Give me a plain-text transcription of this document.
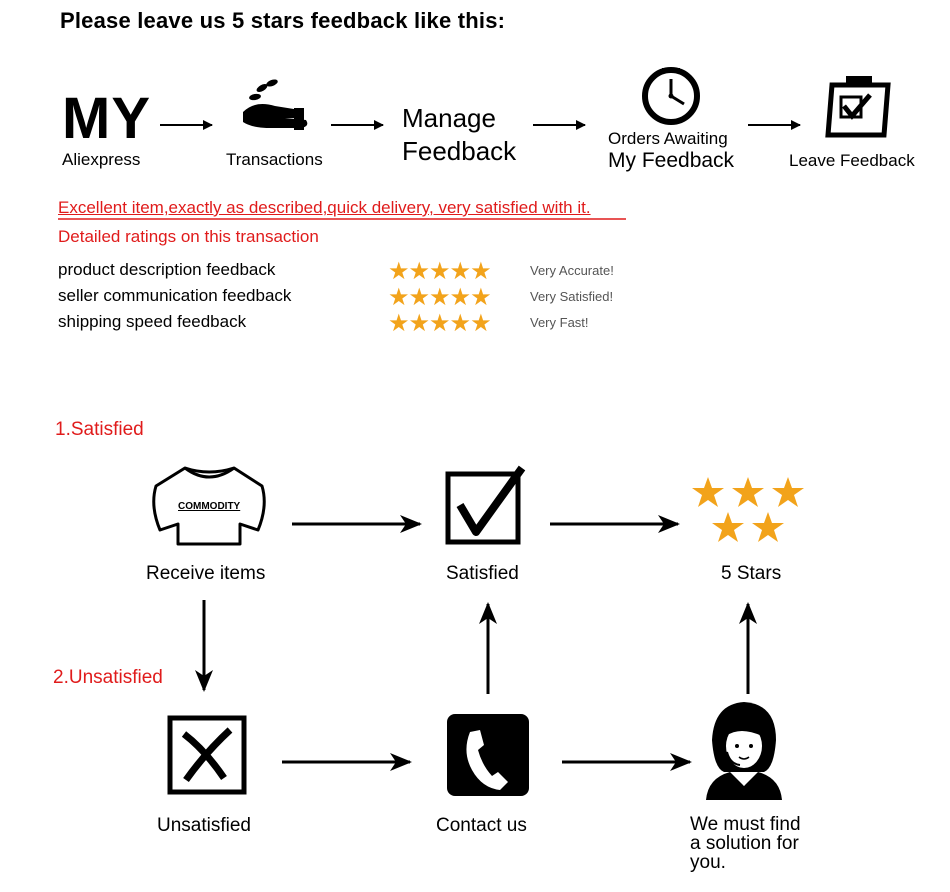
Please leave us 5 stars feedback like this:
MY
Aliexpress	Transactions
Manage
Feedback	Orders Awaiting
My Feedback	Leave Feedback
Excellent item,exactly as described,quick delivery, very satisfied with it.
Detailed ratings on this transaction
product description feedback	★★★★★	Very Accurate!
seller communication feedback	★★★★★	Very Satisfied!
shipping speed feedback	★★★★★	Very Fast!
1.Satisfied
2.Unsatisfied
COMMODITY
Receive items	Satisfied	5 Stars
Unsatisfied	Contact us	We must find
a solution for
you.
